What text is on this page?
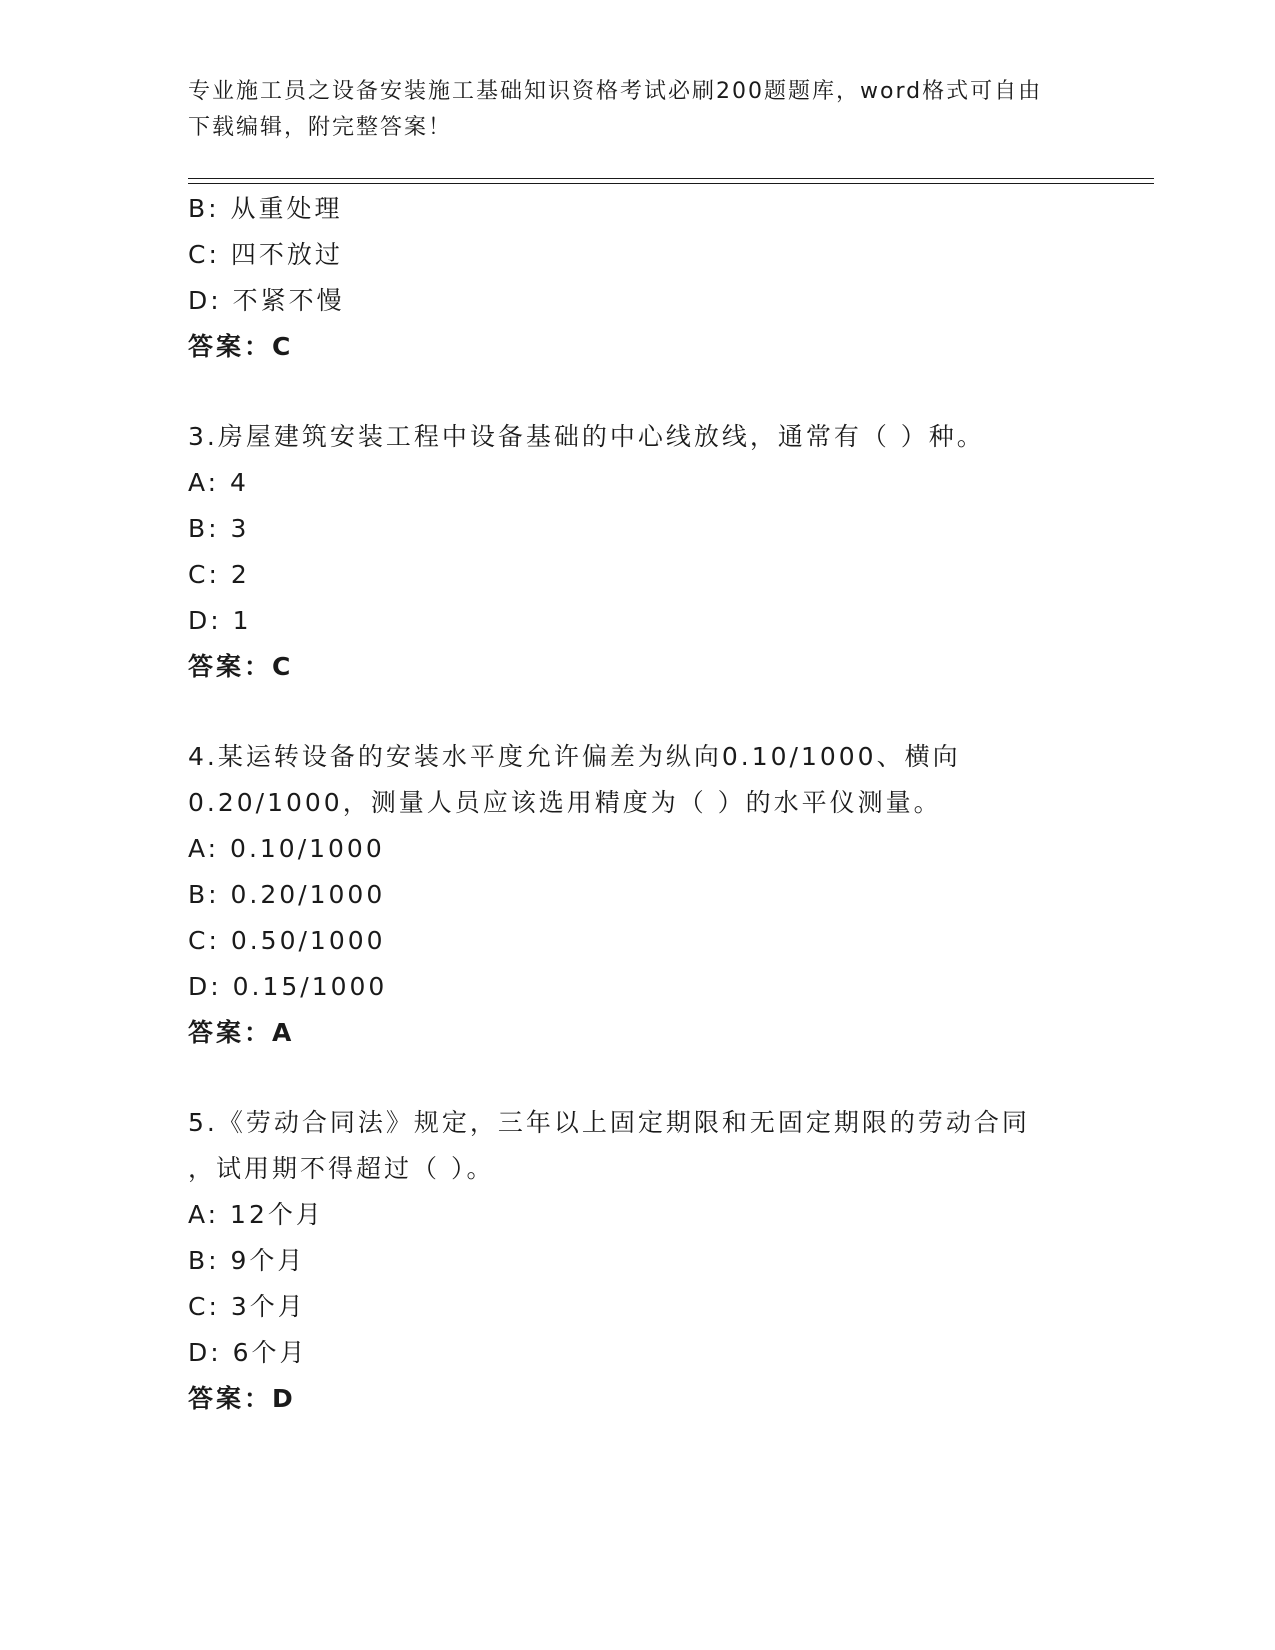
专业施工员之设备安装施工基础知识资格考试必刷200题题库，word格式可自由
下载编辑，附完整答案！
B: 从重处理
C: 四不放过
D: 不紧不慢
答案：C
3.房屋建筑安装工程中设备基础的中心线放线，通常有（ ）种。
A: 4
B: 3
C: 2
D: 1
答案：C
4.某运转设备的安装水平度允许偏差为纵向0.10/1000、横向
0.20/1000，测量人员应该选用精度为（ ）的水平仪测量。
A: 0.10/1000
B: 0.20/1000
C: 0.50/1000
D: 0.15/1000
答案：A
5.《劳动合同法》规定，三年以上固定期限和无固定期限的劳动合同
，试用期不得超过（ ）。
A: 12个月
B: 9个月
C: 3个月
D: 6个月
答案：D
